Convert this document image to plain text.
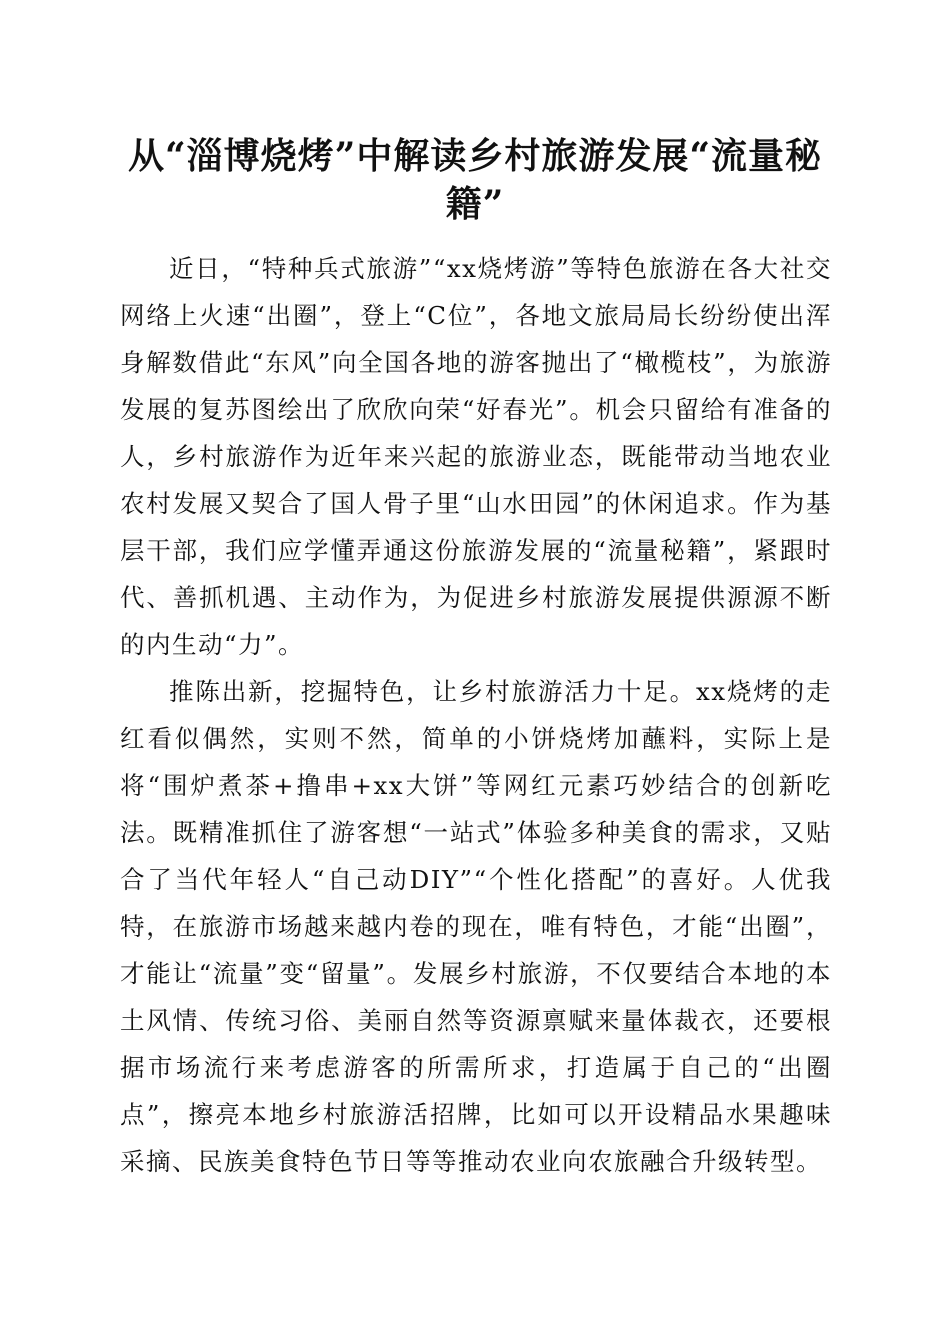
从“淄博烧烤”中解读乡村旅游发展“流量秘籍”

近日，“特种兵式旅游”“xx烧烤游”等特色旅游在各大社交网络上火速“出圈”，登上“C位”，各地文旅局局长纷纷使出浑身解数借此“东风”向全国各地的游客抛出了“橄榄枝”，为旅游发展的复苏图绘出了欣欣向荣“好春光”。机会只留给有准备的人，乡村旅游作为近年来兴起的旅游业态，既能带动当地农业农村发展又契合了国人骨子里“山水田园”的休闲追求。作为基层干部，我们应学懂弄通这份旅游发展的“流量秘籍”，紧跟时代、善抓机遇、主动作为，为促进乡村旅游发展提供源源不断的内生动“力”。

推陈出新，挖掘特色，让乡村旅游活力十足。xx烧烤的走红看似偶然，实则不然，简单的小饼烧烤加蘸料，实际上是将“围炉煮茶+撸串+xx大饼”等网红元素巧妙结合的创新吃法。既精准抓住了游客想“一站式”体验多种美食的需求，又贴合了当代年轻人“自己动DIY”“个性化搭配”的喜好。人优我特，在旅游市场越来越内卷的现在，唯有特色，才能“出圈”，才能让“流量”变“留量”。发展乡村旅游，不仅要结合本地的本土风情、传统习俗、美丽自然等资源禀赋来量体裁衣，还要根据市场流行来考虑游客的所需所求，打造属于自己的“出圈点”，擦亮本地乡村旅游活招牌，比如可以开设精品水果趣味采摘、民族美食特色节日等等推动农业向农旅融合升级转型。
